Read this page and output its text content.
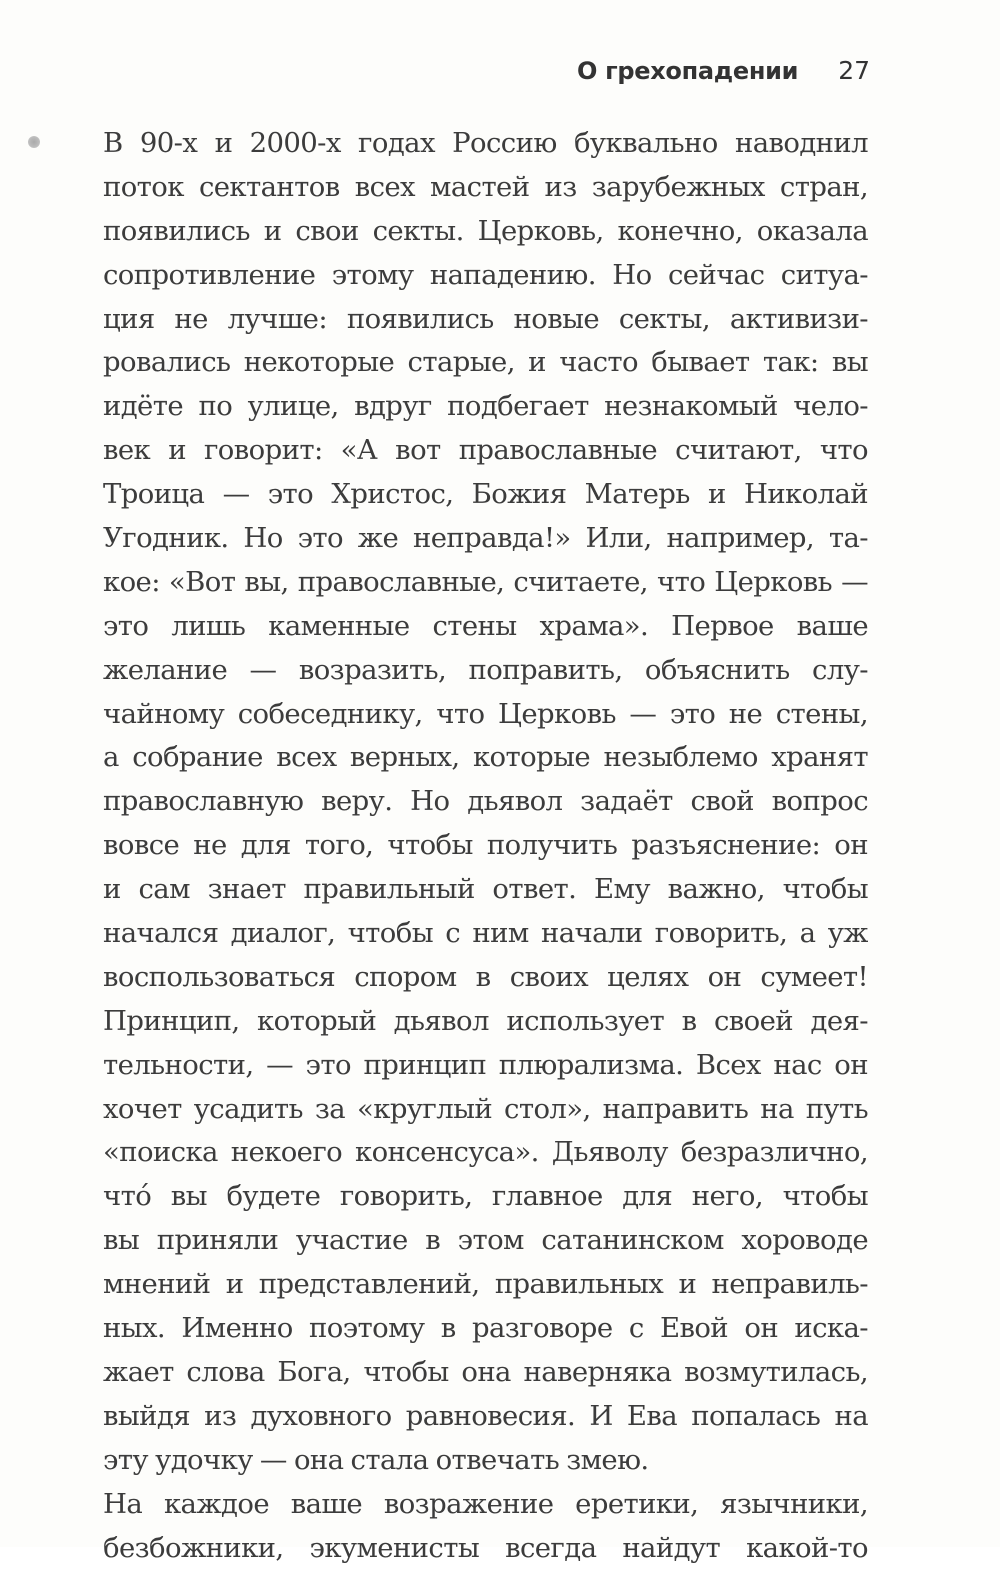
О грехопадении 27
В 90-х и 2000-х годах Россию буквально наводнил
поток сектантов всех мастей из зарубежных стран,
появились и свои секты. Церковь, конечно, оказала
сопротивление этому нападению. Но сейчас ситуа-
ция не лучше: появились новые секты, активизи-
ровались некоторые старые, и часто бывает так: вы
идёте по улице, вдруг подбегает незнакомый чело-
век и говорит: «А вот православные считают, что
Троица — это Христос, Божия Матерь и Николай
Угодник. Но это же неправда!» Или, например, та-
кое: «Вот вы, православные, считаете, что Церковь —
это лишь каменные стены храма». Первое ваше
желание — возразить, поправить, объяснить слу-
чайному собеседнику, что Церковь — это не стены,
а собрание всех верных, которые незыблемо хранят
православную веру. Но дьявол задаёт свой вопрос
вовсе не для того, чтобы получить разъяснение: он
и сам знает правильный ответ. Ему важно, чтобы
начался диалог, чтобы с ним начали говорить, а уж
воспользоваться спором в своих целях он сумеет!
Принцип, который дьявол использует в своей дея-
тельности, — это принцип плюрализма. Всех нас он
хочет усадить за «круглый стол», направить на путь
«поиска некоего консенсуса». Дьяволу безразлично,
что́ вы будете говорить, главное для него, чтобы
вы приняли участие в этом сатанинском хороводе
мнений и представлений, правильных и неправиль-
ных. Именно поэтому в разговоре с Евой он иска-
жает слова Бога, чтобы она наверняка возмутилась,
выйдя из духовного равновесия. И Ева попалась на
эту удочку — она стала отвечать змею.
На каждое ваше возражение еретики, язычники,
безбожники, экуменисты всегда найдут какой-то
